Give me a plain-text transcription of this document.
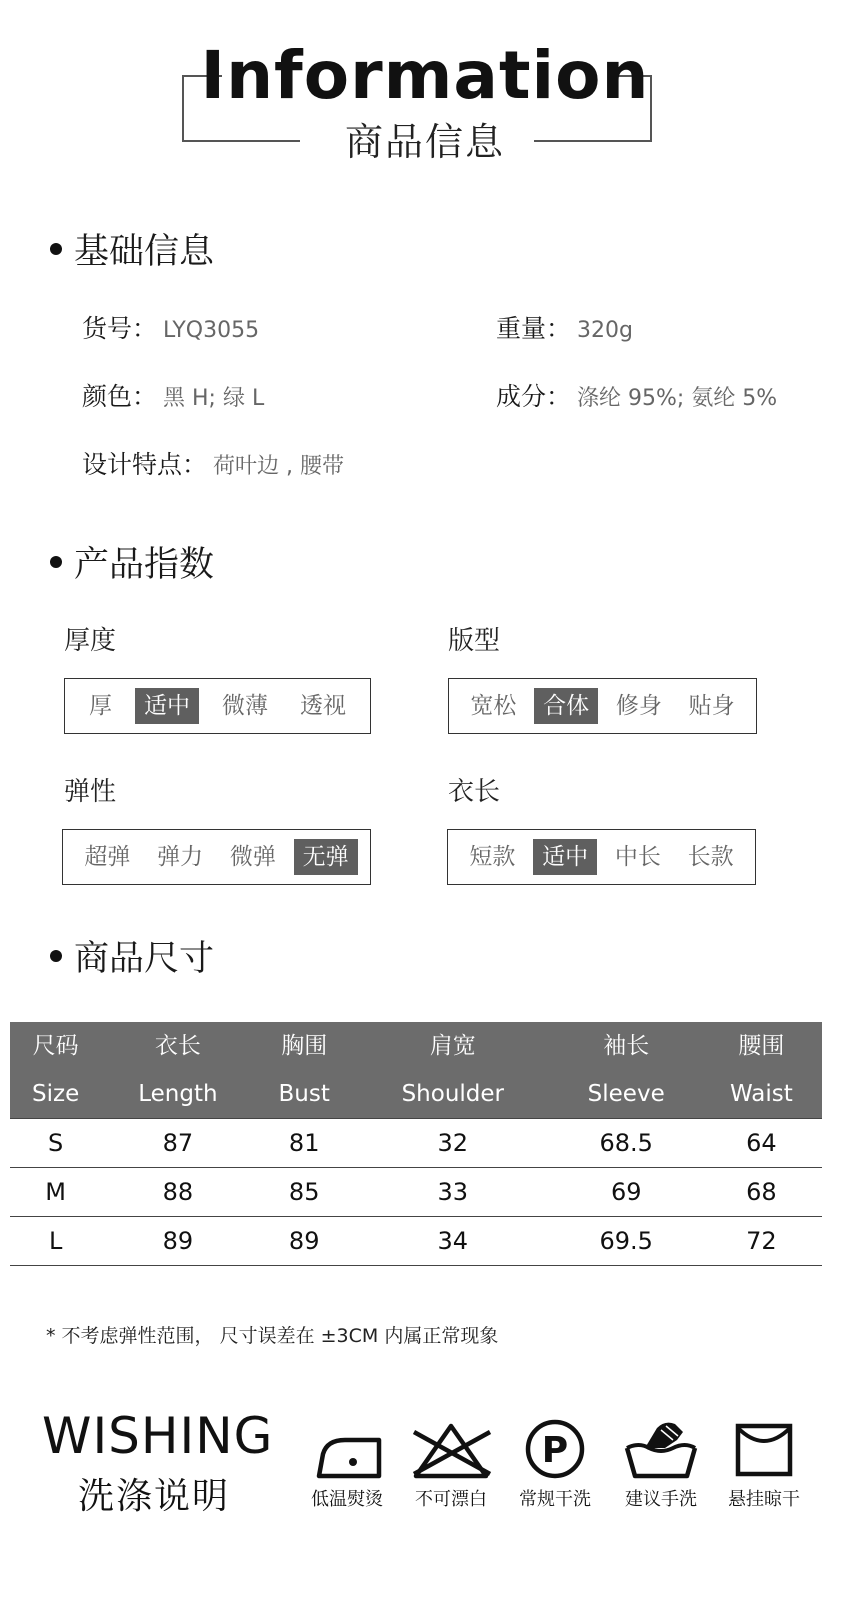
Information
商品信息
基础信息
货号： LYQ3055	重量： 320g
颜色： 黑 H; 绿 L	成分： 涤纶 95%; 氨纶 5%
设计特点： 荷叶边 , 腰带
产品指数
厚度
厚	适中	微薄	透视
版型
宽松	合体	修身	贴身
弹性
超弹	弹力	微弹	无弹
衣长
短款	适中	中长	长款
商品尺寸
尺码	衣长	胸围	肩宽	袖长	腰围
Size	Length	Bust	Shoulder	Sleeve	Waist
S	87	81	32	68.5	64
M	88	85	33	69	68
L	89	89	34	69.5	72
* 不考虑弹性范围， 尺寸误差在 ±3CM 内属正常现象
WISHING
洗涤说明	低温熨烫	不可漂白
P
常规干洗	建议手洗	悬挂晾干
